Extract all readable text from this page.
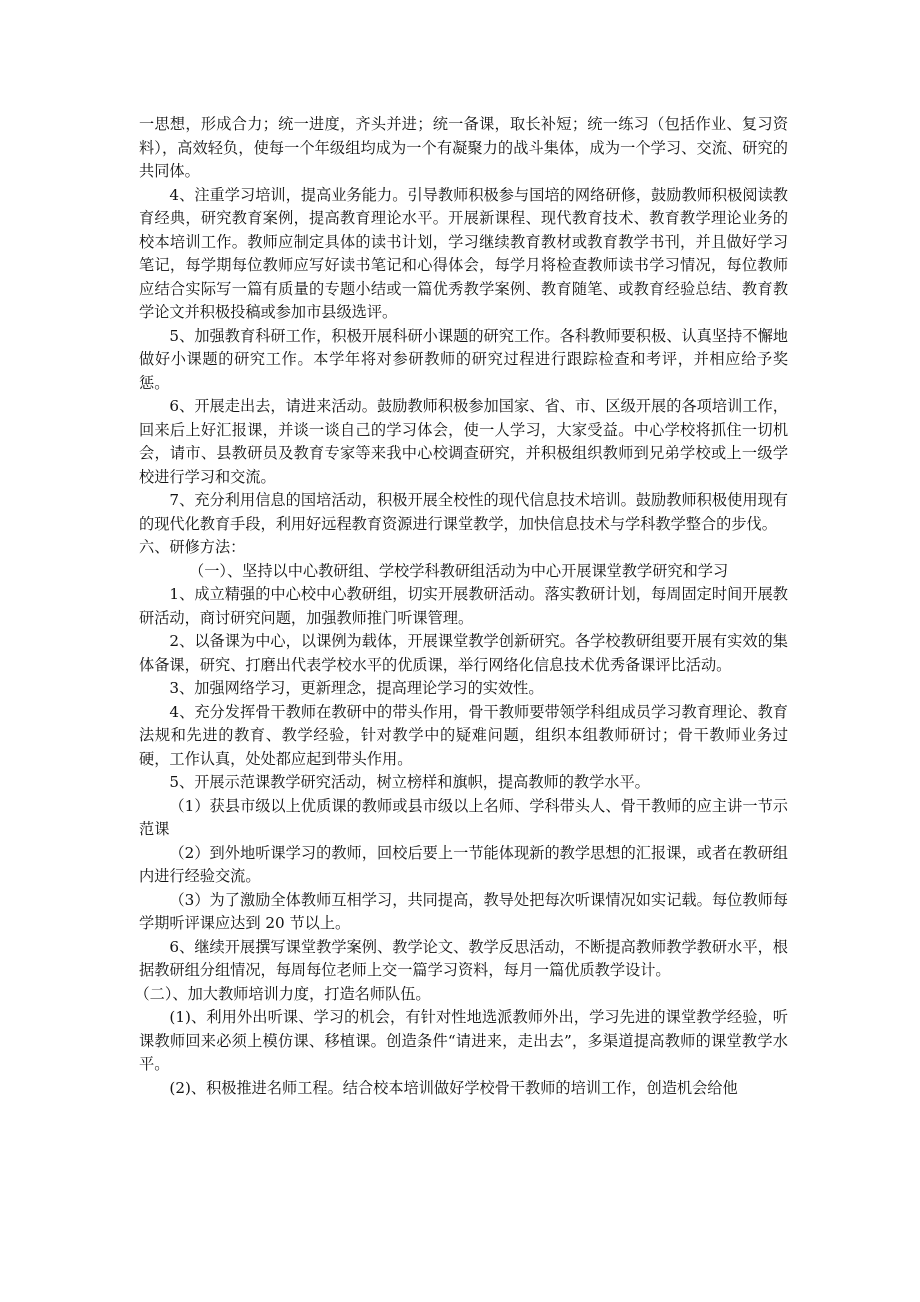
一思想，形成合力；统一进度，齐头并进；统一备课，取长补短；统一练习（包括作业、复习资料），高效轻负，使每一个年级组均成为一个有凝聚力的战斗集体，成为一个学习、交流、研究的共同体。

4、注重学习培训，提高业务能力。引导教师积极参与国培的网络研修，鼓励教师积极阅读教育经典，研究教育案例，提高教育理论水平。开展新课程、现代教育技术、教育教学理论业务的校本培训工作。教师应制定具体的读书计划，学习继续教育教材或教育教学书刊，并且做好学习笔记，每学期每位教师应写好读书笔记和心得体会，每学月将检查教师读书学习情况，每位教师应结合实际写一篇有质量的专题小结或一篇优秀教学案例、教育随笔、或教育经验总结、教育教学论文并积极投稿或参加市县级选评。

5、加强教育科研工作，积极开展科研小课题的研究工作。各科教师要积极、认真坚持不懈地做好小课题的研究工作。本学年将对参研教师的研究过程进行跟踪检查和考评，并相应给予奖惩。

6、开展走出去，请进来活动。鼓励教师积极参加国家、省、市、区级开展的各项培训工作，回来后上好汇报课，并谈一谈自己的学习体会，使一人学习，大家受益。中心学校将抓住一切机会，请市、县教研员及教育专家等来我中心校调查研究，并积极组织教师到兄弟学校或上一级学校进行学习和交流。

7、充分利用信息的国培活动，积极开展全校性的现代信息技术培训。鼓励教师积极使用现有的现代化教育手段，利用好远程教育资源进行课堂教学，加快信息技术与学科教学整合的步伐。

六、研修方法：

（一）、坚持以中心教研组、学校学科教研组活动为中心开展课堂教学研究和学习

1、成立精强的中心校中心教研组，切实开展教研活动。落实教研计划，每周固定时间开展教研活动，商讨研究问题，加强教师推门听课管理。

2、以备课为中心，以课例为载体，开展课堂教学创新研究。各学校教研组要开展有实效的集体备课，研究、打磨出代表学校水平的优质课，举行网络化信息技术优秀备课评比活动。

3、加强网络学习，更新理念，提高理论学习的实效性。

4、充分发挥骨干教师在教研中的带头作用，骨干教师要带领学科组成员学习教育理论、教育法规和先进的教育、教学经验，针对教学中的疑难问题，组织本组教师研讨；骨干教师业务过硬，工作认真，处处都应起到带头作用。

5、开展示范课教学研究活动，树立榜样和旗帜，提高教师的教学水平。

（1）获县市级以上优质课的教师或县市级以上名师、学科带头人、骨干教师的应主讲一节示范课

（2）到外地听课学习的教师，回校后要上一节能体现新的教学思想的汇报课，或者在教研组内进行经验交流。

（3）为了激励全体教师互相学习，共同提高，教导处把每次听课情况如实记载。每位教师每学期听评课应达到 20 节以上。

6、继续开展撰写课堂教学案例、教学论文、教学反思活动，不断提高教师教学教研水平，根据教研组分组情况，每周每位老师上交一篇学习资料，每月一篇优质教学设计。

（二）、加大教师培训力度，打造名师队伍。

(1)、利用外出听课、学习的机会，有针对性地选派教师外出，学习先进的课堂教学经验，听课教师回来必须上模仿课、移植课。创造条件“请进来，走出去”，多渠道提高教师的课堂教学水平。

(2)、积极推进名师工程。结合校本培训做好学校骨干教师的培训工作，创造机会给他
